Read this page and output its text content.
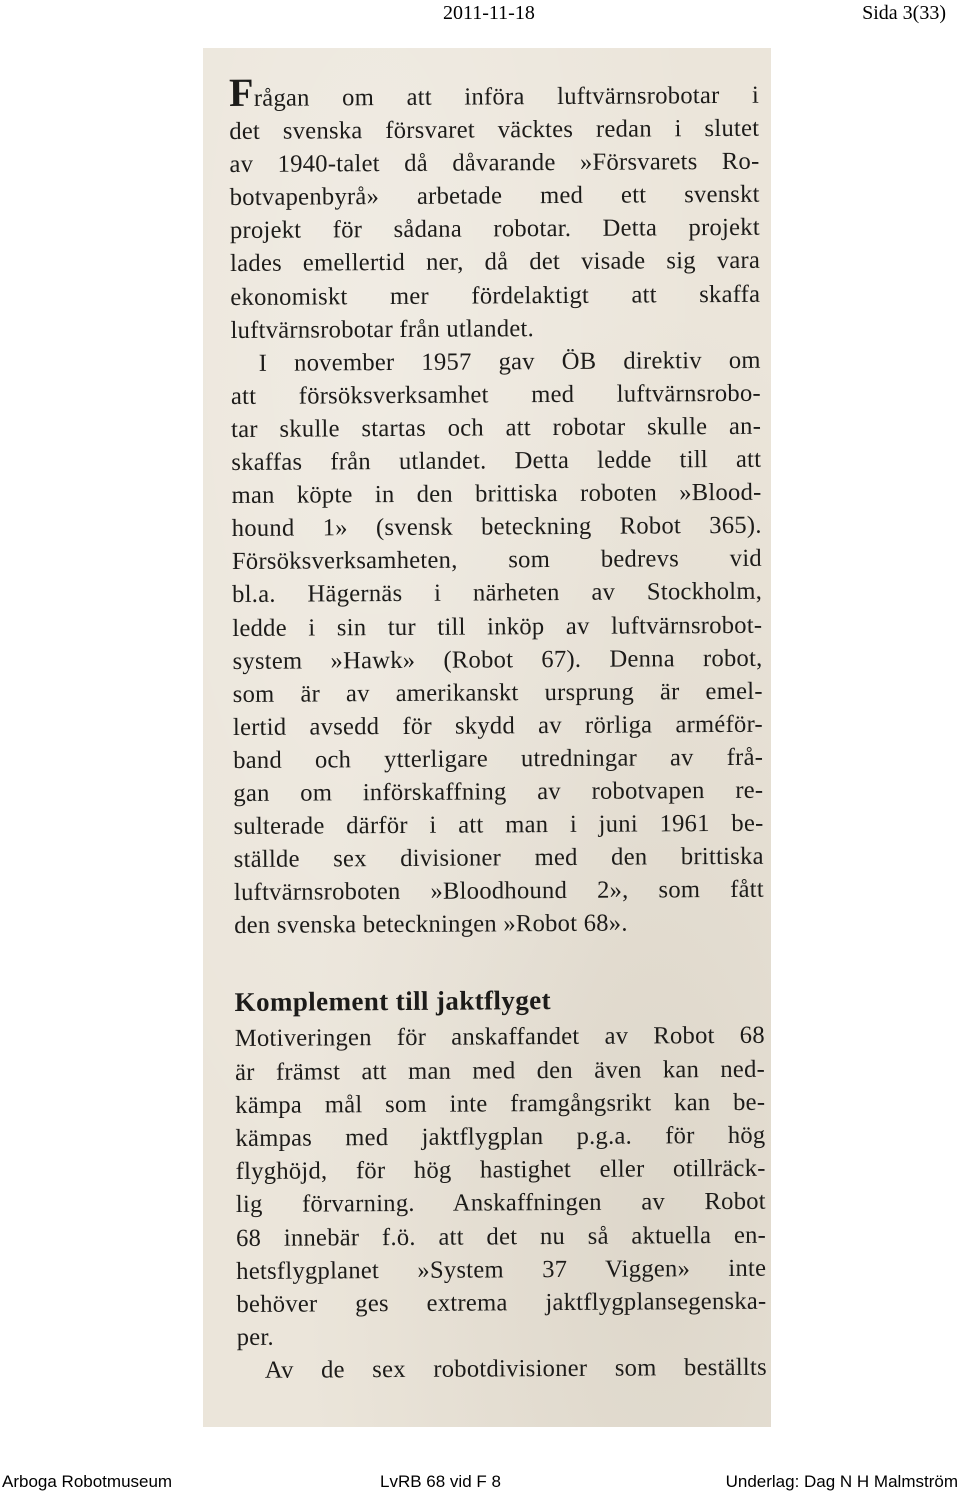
2011-11-18	Sida 3(33)
Frågan om att införa luftvärnsrobotar i
det svenska försvaret väcktes redan i slutet
av 1940-talet då dåvarande »Försvarets Ro-
botvapenbyrå» arbetade med ett svenskt
projekt för sådana robotar. Detta projekt
lades emellertid ner, då det visade sig vara
ekonomiskt mer fördelaktigt att skaffa
luftvärnsrobotar från utlandet.
I november 1957 gav ÖB direktiv om
att försöksverksamhet med luftvärnsrobo-
tar skulle startas och att robotar skulle an-
skaffas från utlandet. Detta ledde till att
man köpte in den brittiska roboten »Blood-
hound 1» (svensk beteckning Robot 365).
Försöksverksamheten, som bedrevs vid
bl.a. Hägernäs i närheten av Stockholm,
ledde i sin tur till inköp av luftvärnsrobot-
system »Hawk» (Robot 67). Denna robot,
som är av amerikanskt ursprung är emel-
lertid avsedd för skydd av rörliga arméför-
band och ytterligare utredningar av frå-
gan om införskaffning av robotvapen re-
sulterade därför i att man i juni 1961 be-
ställde sex divisioner med den brittiska
luftvärnsroboten »Bloodhound 2», som fått
den svenska beteckningen »Robot 68».
Komplement till jaktflyget
Motiveringen för anskaffandet av Robot 68
är främst att man med den även kan ned-
kämpa mål som inte framgångsrikt kan be-
kämpas med jaktflygplan p.g.a. för hög
flyghöjd, för hög hastighet eller otillräck-
lig förvarning. Anskaffningen av Robot
68 innebär f.ö. att det nu så aktuella en-
hetsflygplanet »System 37 Viggen» inte
behöver ges extrema jaktflygplansegenska-
per.
Av de sex robotdivisioner som beställts
Arboga Robotmuseum	LvRB 68 vid F 8	Underlag: Dag N H Malmström
